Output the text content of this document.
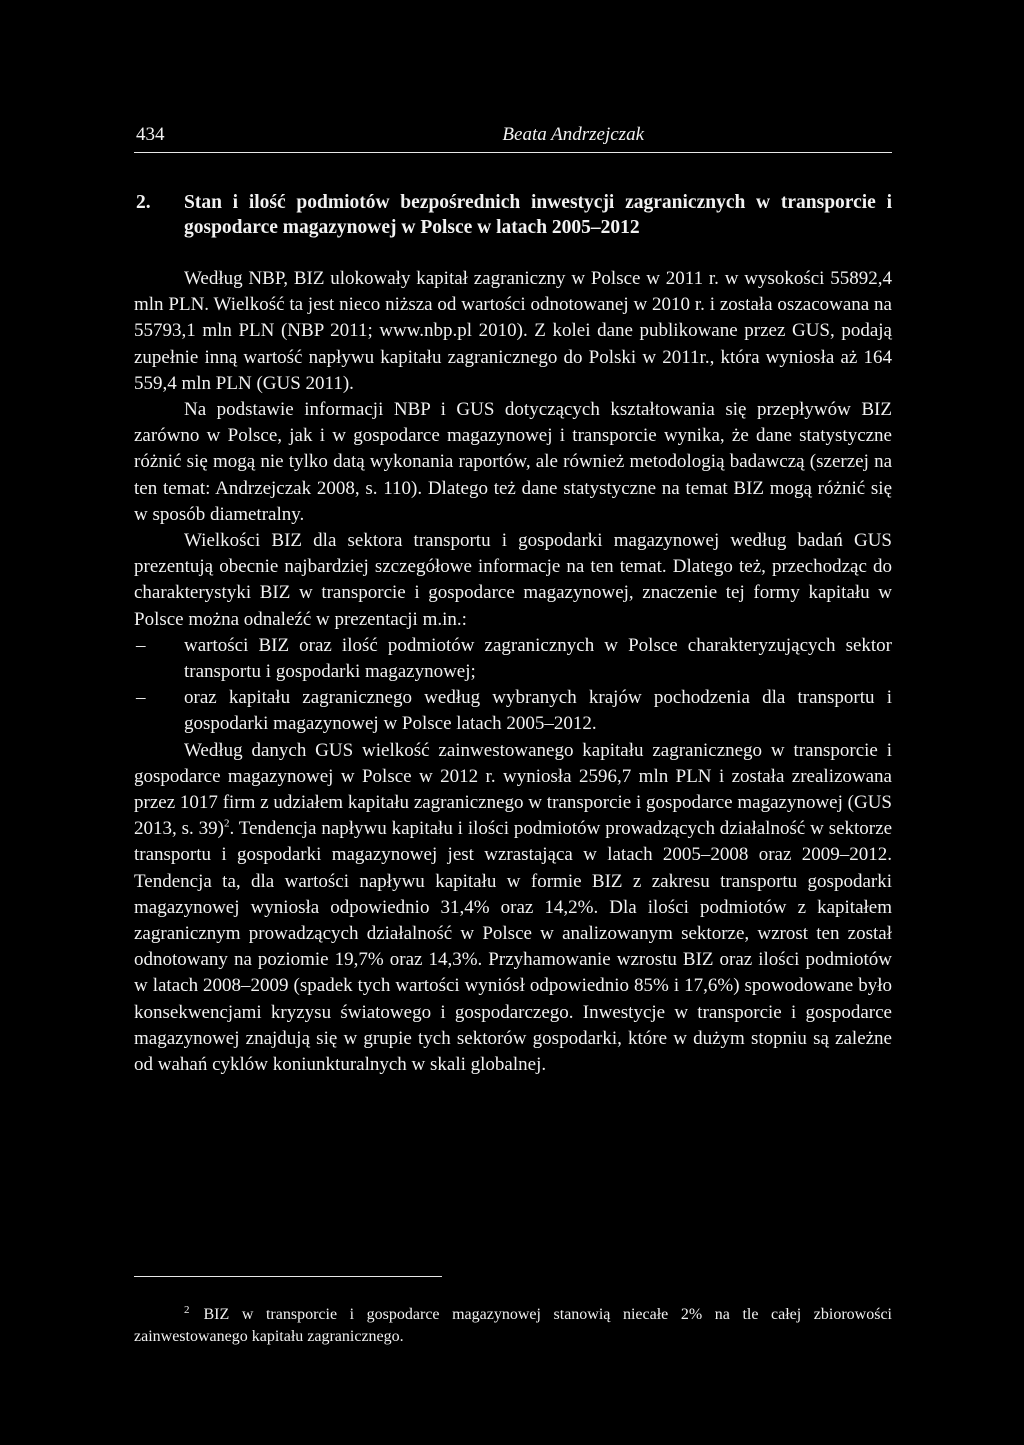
434	Beata Andrzejczak
2. Stan i ilość podmiotów bezpośrednich inwestycji zagranicznych w transporcie i gospodarce magazynowej w Polsce w latach 2005–2012

Według NBP, BIZ ulokowały kapitał zagraniczny w Polsce w 2011 r. w wysokości 55892,4 mln PLN. Wielkość ta jest nieco niższa od wartości odnotowanej w 2010 r. i została oszacowana na 55793,1 mln PLN (NBP 2011; www.nbp.pl 2010). Z kolei dane publikowane przez GUS, podają zupełnie inną wartość napływu kapitału zagranicznego do Polski w 2011r., która wyniosła aż 164 559,4 mln PLN (GUS 2011).

Na podstawie informacji NBP i GUS dotyczących kształtowania się przepływów BIZ zarówno w Polsce, jak i w gospodarce magazynowej i transporcie wynika, że dane statystyczne różnić się mogą nie tylko datą wykonania raportów, ale również metodologią badawczą (szerzej na ten temat: Andrzejczak 2008, s. 110). Dlatego też dane statystyczne na temat BIZ mogą różnić się w sposób diametralny.

Wielkości BIZ dla sektora transportu i gospodarki magazynowej według badań GUS prezentują obecnie najbardziej szczegółowe informacje na ten temat. Dlatego też, przechodząc do charakterystyki BIZ w transporcie i gospodarce magazynowej, znaczenie tej formy kapitału w Polsce można odnaleźć w prezentacji m.in.:

– wartości BIZ oraz ilość podmiotów zagranicznych w Polsce charakteryzujących sektor transportu i gospodarki magazynowej;
– oraz kapitału zagranicznego według wybranych krajów pochodzenia dla transportu i gospodarki magazynowej w Polsce latach 2005–2012.

Według danych GUS wielkość zainwestowanego kapitału zagranicznego w transporcie i gospodarce magazynowej w Polsce w 2012 r. wyniosła 2596,7 mln PLN i została zrealizowana przez 1017 firm z udziałem kapitału zagranicznego w transporcie i gospodarce magazynowej (GUS 2013, s. 39)$^2$. Tendencja napływu kapitału i ilości podmiotów prowadzących działalność w sektorze transportu i gospodarki magazynowej jest wzrastająca w latach 2005–2008 oraz 2009–2012. Tendencja ta, dla wartości napływu kapitału w formie BIZ z zakresu transportu gospodarki magazynowej wyniosła odpowiednio 31,4% oraz 14,2%. Dla ilości podmiotów z kapitałem zagranicznym prowadzących działalność w Polsce w analizowanym sektorze, wzrost ten został odnotowany na poziomie 19,7% oraz 14,3%. Przyhamowanie wzrostu BIZ oraz ilości podmiotów w latach 2008–2009 (spadek tych wartości wyniósł odpowiednio 85% i 17,6%) spowodowane było konsekwencjami kryzysu światowego i gospodarczego. Inwestycje w transporcie i gospodarce magazynowej znajdują się w grupie tych sektorów gospodarki, które w dużym stopniu są zależne od wahań cyklów koniunkturalnych w skali globalnej.

$^2$ BIZ w transporcie i gospodarce magazynowej stanowią niecałe 2% na tle całej zbiorowości zainwestowanego kapitału zagranicznego.
